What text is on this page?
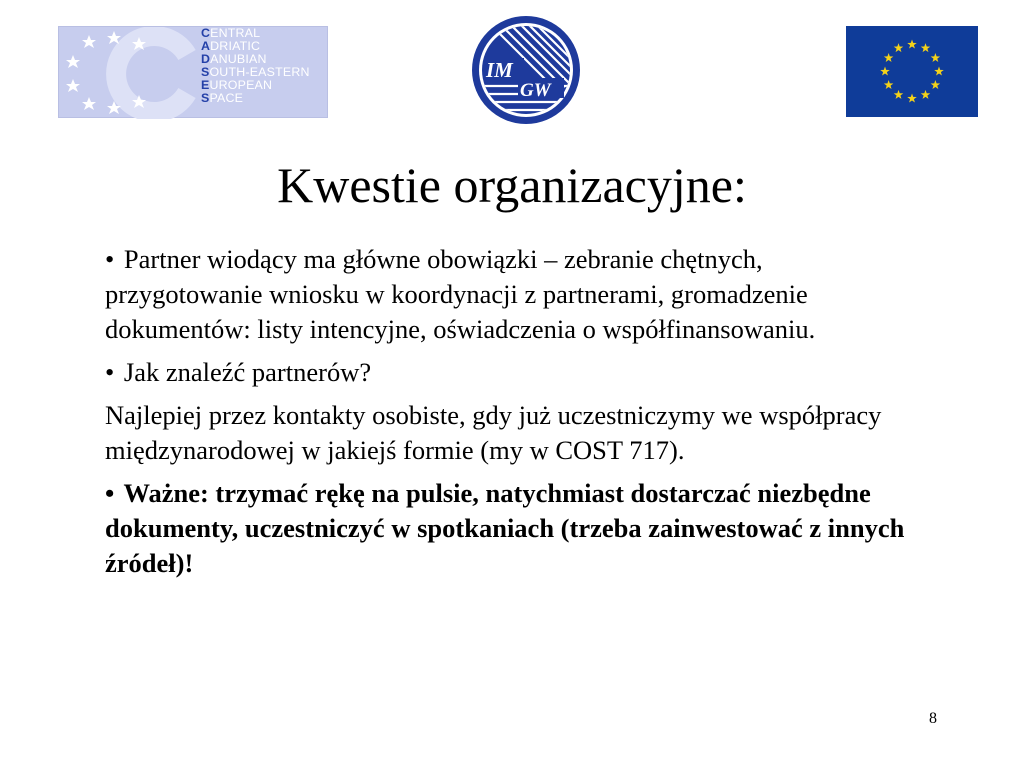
CENTRAL
ADRIATIC
DANUBIAN
SOUTH-EASTERN
EUROPEAN
SPACE
IM
GW
Kwestie organizacyjne:

• Partner wiodący ma główne obowiązki – zebranie chętnych, przygotowanie wniosku w koordynacji z partnerami, gromadzenie dokumentów: listy intencyjne, oświadczenia o współfinansowaniu.

• Jak znaleźć partnerów?

Najlepiej przez kontakty osobiste, gdy już uczestniczymy we współpracy międzynarodowej w jakiejś formie (my w COST 717).

• Ważne: trzymać rękę na pulsie, natychmiast dostarczać niezbędne dokumenty, uczestniczyć w spotkaniach (trzeba zainwestować z innych źródeł)!

8
